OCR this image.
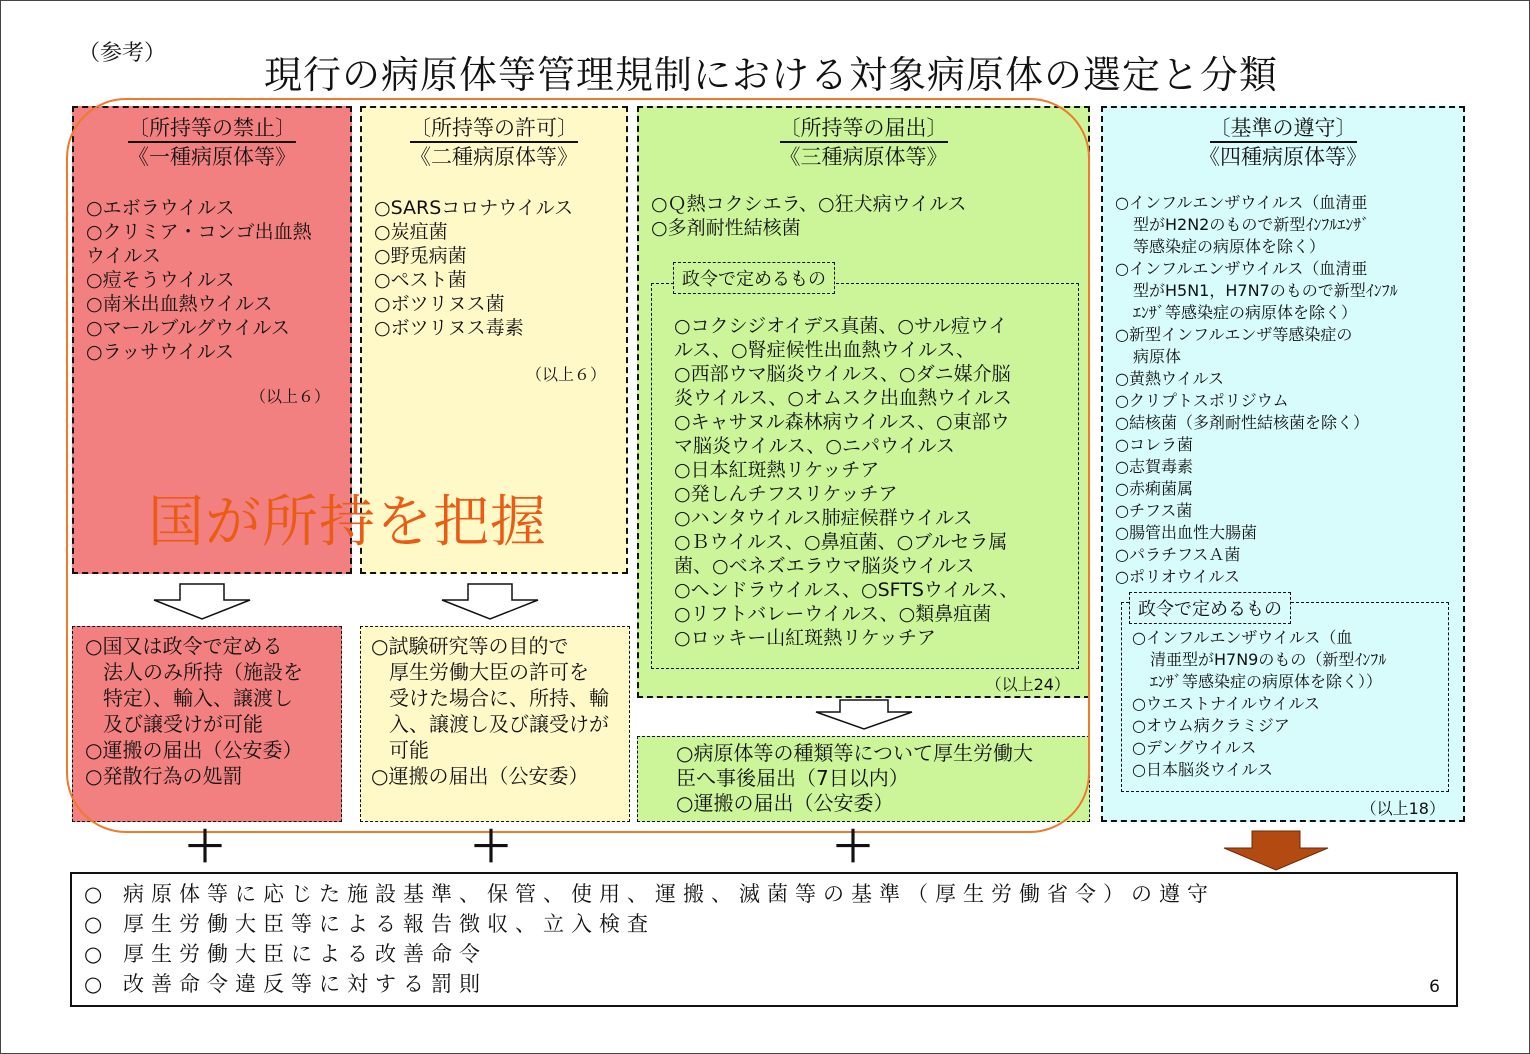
（参考）	現行の病原体等管理規制における対象病原体の選定と分類
〔所持等の禁止〕
《一種病原体等》
○エボラウイルス
○クリミア・コンゴ出血熱
ウイルス
○痘そうウイルス
○南米出血熱ウイルス
○マールブルグウイルス
○ラッサウイルス
（以上６）
〔所持等の許可〕
《二種病原体等》
○SARSコロナウイルス
○炭疽菌
○野兎病菌
○ペスト菌
○ボツリヌス菌
○ボツリヌス毒素
（以上６）
〔所持等の届出〕
《三種病原体等》
○Ｑ熱コクシエラ、○狂犬病ウイルス
○多剤耐性結核菌
○コクシジオイデス真菌、○サル痘ウイ
ルス、○腎症候性出血熱ウイルス、
○西部ウマ脳炎ウイルス、○ダニ媒介脳
炎ウイルス、○オムスク出血熱ウイルス
○キャサヌル森林病ウイルス、○東部ウ
マ脳炎ウイルス、○ニパウイルス
○日本紅斑熱リケッチア
○発しんチフスリケッチア
○ハンタウイルス肺症候群ウイルス
○Ｂウイルス、○鼻疽菌、○ブルセラ属
菌、○ベネズエラウマ脳炎ウイルス
○ヘンドラウイルス、○SFTSウイルス、
○リフトバレーウイルス、○類鼻疽菌
○ロッキー山紅斑熱リケッチア
政令で定めるもの
（以上24）
〔基準の遵守〕
《四種病原体等》
○インフルエンザウイルス（血清亜
型がH2N2のもので新型ｲﾝﾌﾙｴﾝｻﾞ
等感染症の病原体を除く）
○インフルエンザウイルス（血清亜
型がH5N1，H7N7のもので新型ｲﾝﾌﾙ
ｴﾝｻﾞ等感染症の病原体を除く）
○新型インフルエンザ等感染症の
病原体
○黄熱ウイルス
○クリプトスポリジウム
○結核菌（多剤耐性結核菌を除く）
○コレラ菌
○志賀毒素
○赤痢菌属
○チフス菌
○腸管出血性大腸菌
○パラチフスＡ菌
○ポリオウイルス
○インフルエンザウイルス（血
清亜型がH7N9のもの（新型ｲﾝﾌﾙ
ｴﾝｻﾞ等感染症の病原体を除く））
○ウエストナイルウイルス
○オウム病クラミジア
○デングウイルス
○日本脳炎ウイルス
政令で定めるもの
（以上18）
○国又は政令で定める
法人のみ所持（施設を
特定）、輸入、譲渡し
及び譲受けが可能
○運搬の届出（公安委）
○発散行為の処罰
○試験研究等の目的で
厚生労働大臣の許可を
受けた場合に、所持、輸
入、譲渡し及び譲受けが
可能
○運搬の届出（公安委）
○病原体等の種類等について厚生労働大
臣へ事後届出（7日以内）
○運搬の届出（公安委）
国が所持を把握
＋	＋	＋
○ 病原体等に応じた施設基準、保管、使用、運搬、滅菌等の基準（厚生労働省令）の遵守
○ 厚生労働大臣等による報告徴収、立入検査
○ 厚生労働大臣による改善命令
○ 改善命令違反等に対する罰則	6
